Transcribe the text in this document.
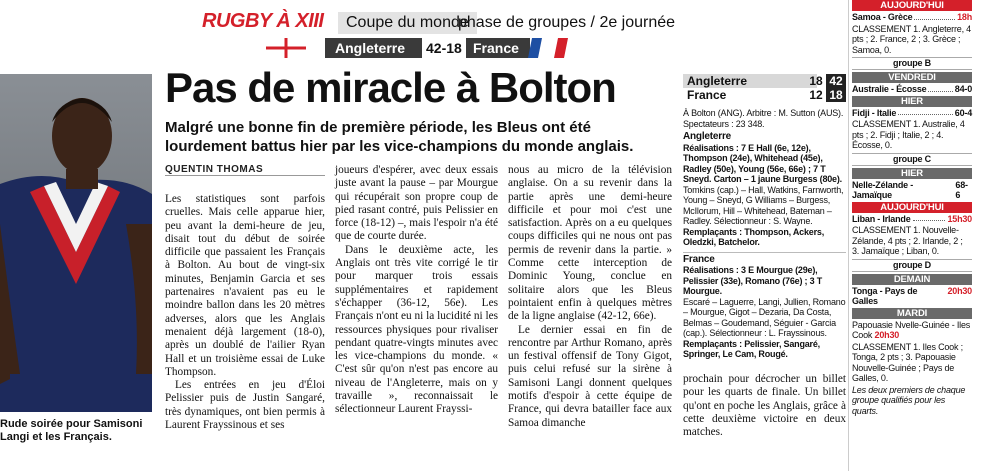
RUGBY À XIII	Coupe du monde
phase de groupes / 2e journée
Angleterre 42-18 France
Rude soirée pour Samisoni Langi et les Français.
Pas de miracle à Bolton
Malgré une bonne fin de première période, les Bleus ont été lourdement battus hier par les vice-champions du monde anglais.
QUENTIN THOMAS

Les statistiques sont parfois cruelles. Mais celle apparue hier, peu avant la demi-heure de jeu, disait tout du début de soirée difficile que passaient les Français à Bolton. Au bout de vingt-six minutes, Benjamin Garcia et ses partenaires n'avaient pas eu le moindre ballon dans les 20 mètres adverses, alors que les Anglais menaient déjà largement (18-0), après un doublé de l'ailier Ryan Hall et un troisième essai de Luke Thompson.

Les entrées en jeu d'Éloi Pelissier puis de Justin Sangaré, très dynamiques, ont bien permis à Laurent Frayssinous et ses

joueurs d'espérer, avec deux essais juste avant la pause – par Mourgue qui récupérait son propre coup de pied rasant contré, puis Pelissier en force (18-12) –, mais l'espoir n'a été que de courte durée.

Dans le deuxième acte, les Anglais ont très vite corrigé le tir pour marquer trois essais supplémentaires et rapidement s'échapper (36-12, 56e). Les Français n'ont eu ni la lucidité ni les ressources physiques pour rivaliser pendant quatre-vingts minutes avec les vice-champions du monde. « C'est sûr qu'on n'est pas encore au niveau de l'Angleterre, mais on y travaille », reconnaissait le sélectionneur Laurent Frayssi-

nous au micro de la télévision anglaise. On a su revenir dans la partie après une demi-heure difficile et pour moi c'est une satisfaction. Après on a eu quelques coups difficiles qui ne nous ont pas permis de revenir dans la partie. » Comme cette interception de Dominic Young, conclue en solitaire alors que les Bleus pointaient enfin à quelques mètres de la ligne anglaise (42-12, 66e).

Le dernier essai en fin de rencontre par Arthur Romano, après un festival offensif de Tony Gigot, puis celui refusé sur la sirène à Samisoni Langi donnent quelques motifs d'espoir à cette équipe de France, qui devra batailler face aux Samoa dimanche

prochain pour décrocher un billet pour les quarts de finale. Un billet qu'ont en poche les Anglais, grâce à cette deuxième victoire en deux matches.

Angleterre	18 42
France	12 18
À Bolton (ANG). Arbitre : M. Sutton (AUS). Spectateurs : 23 348.
Angleterre
Réalisations : 7 E Hall (6e, 12e), Thompson (24e), Whitehead (45e), Radley (50e), Young (56e, 66e) ; 7 T Sneyd. Carton – 1 jaune Burgess (80e).
Tomkins (cap.) – Hall, Watkins, Farnworth, Young – Sneyd, G Williams – Burgess, McIlorum, Hill – Whitehead, Bateman – Radley. Sélectionneur : S. Wayne.
Remplaçants : Thompson, Ackers, Oledzki, Batchelor.
France
Réalisations : 3 E Mourgue (29e), Pelissier (33e), Romano (76e) ; 3 T Mourgue.
Escaré – Laguerre, Langi, Jullien, Romano – Mourgue, Gigot – Dezaria, Da Costa, Belmas – Goudemand, Séguier - Garcia (cap.). Sélectionneur : L. Frayssinous.
Remplaçants : Pelissier, Sangaré, Springer, Le Cam, Rougé.
AUJOURD'HUI
Samoa - Grèce	18h
CLASSEMENT 1. Angleterre, 4 pts ; 2. France, 2 ; 3. Grèce ; Samoa, 0.
groupe B
VENDREDI
Australie - Écosse	84-0
HIER
Fidji - Italie	60-4
CLASSEMENT 1. Australie, 4 pts ; 2. Fidji ; Italie, 2 ; 4. Écosse, 0.
groupe C
HIER
Nelle-Zélande - Jamaïque
68-6
AUJOURD'HUI
Liban - Irlande	15h30
CLASSEMENT 1. Nouvelle-Zélande, 4 pts ; 2. Irlande, 2 ; 3. Jamaïque ; Liban, 0.
groupe D
DEMAIN
Tonga - Pays de Galles
20h30
MARDI
Papouasie Nvelle-Guinée - Iles Cook 20h30
CLASSEMENT 1. Iles Cook ; Tonga, 2 pts ; 3. Papouasie Nouvelle-Guinée ; Pays de Galles, 0.
Les deux premiers de chaque groupe qualifiés pour les quarts.
